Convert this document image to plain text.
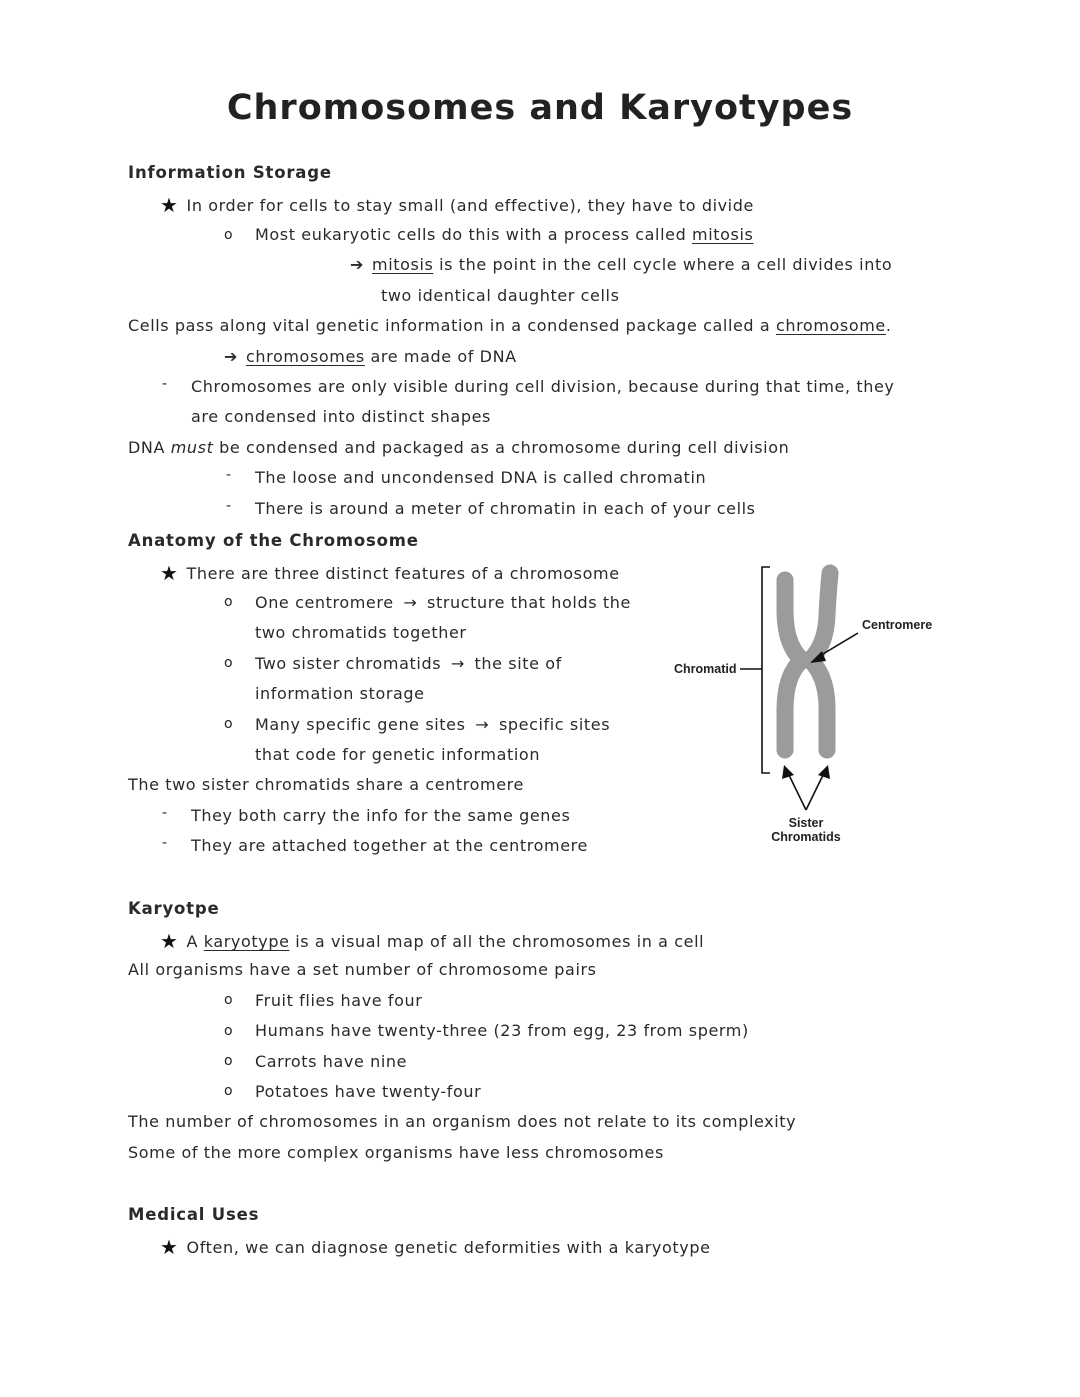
Chromosomes and Karyotypes
Information Storage
★ In order for cells to stay small (and effective), they have to divide
o Most eukaryotic cells do this with a process called mitosis
➔ mitosis is the point in the cell cycle where a cell divides into
two identical daughter cells
Cells pass along vital genetic information in a condensed package called a chromosome.
➔ chromosomes are made of DNA
- Chromosomes are only visible during cell division, because during that time, they
are condensed into distinct shapes
DNA must be condensed and packaged as a chromosome during cell division
- The loose and uncondensed DNA is called chromatin
- There is around a meter of chromatin in each of your cells
Anatomy of the Chromosome
★ There are three distinct features of a chromosome
o One centromere → structure that holds the
two chromatids together
o Two sister chromatids → the site of
information storage
o Many specific gene sites → specific sites
that code for genetic information
The two sister chromatids share a centromere
- They both carry the info for the same genes
- They are attached together at the centromere
Centromere
Chromatid
Sister
Chromatids
Karyotpe
★ A karyotype is a visual map of all the chromosomes in a cell
All organisms have a set number of chromosome pairs
o Fruit flies have four
o Humans have twenty-three (23 from egg, 23 from sperm)
o Carrots have nine
o Potatoes have twenty-four
The number of chromosomes in an organism does not relate to its complexity
Some of the more complex organisms have less chromosomes
Medical Uses
★ Often, we can diagnose genetic deformities with a karyotype
